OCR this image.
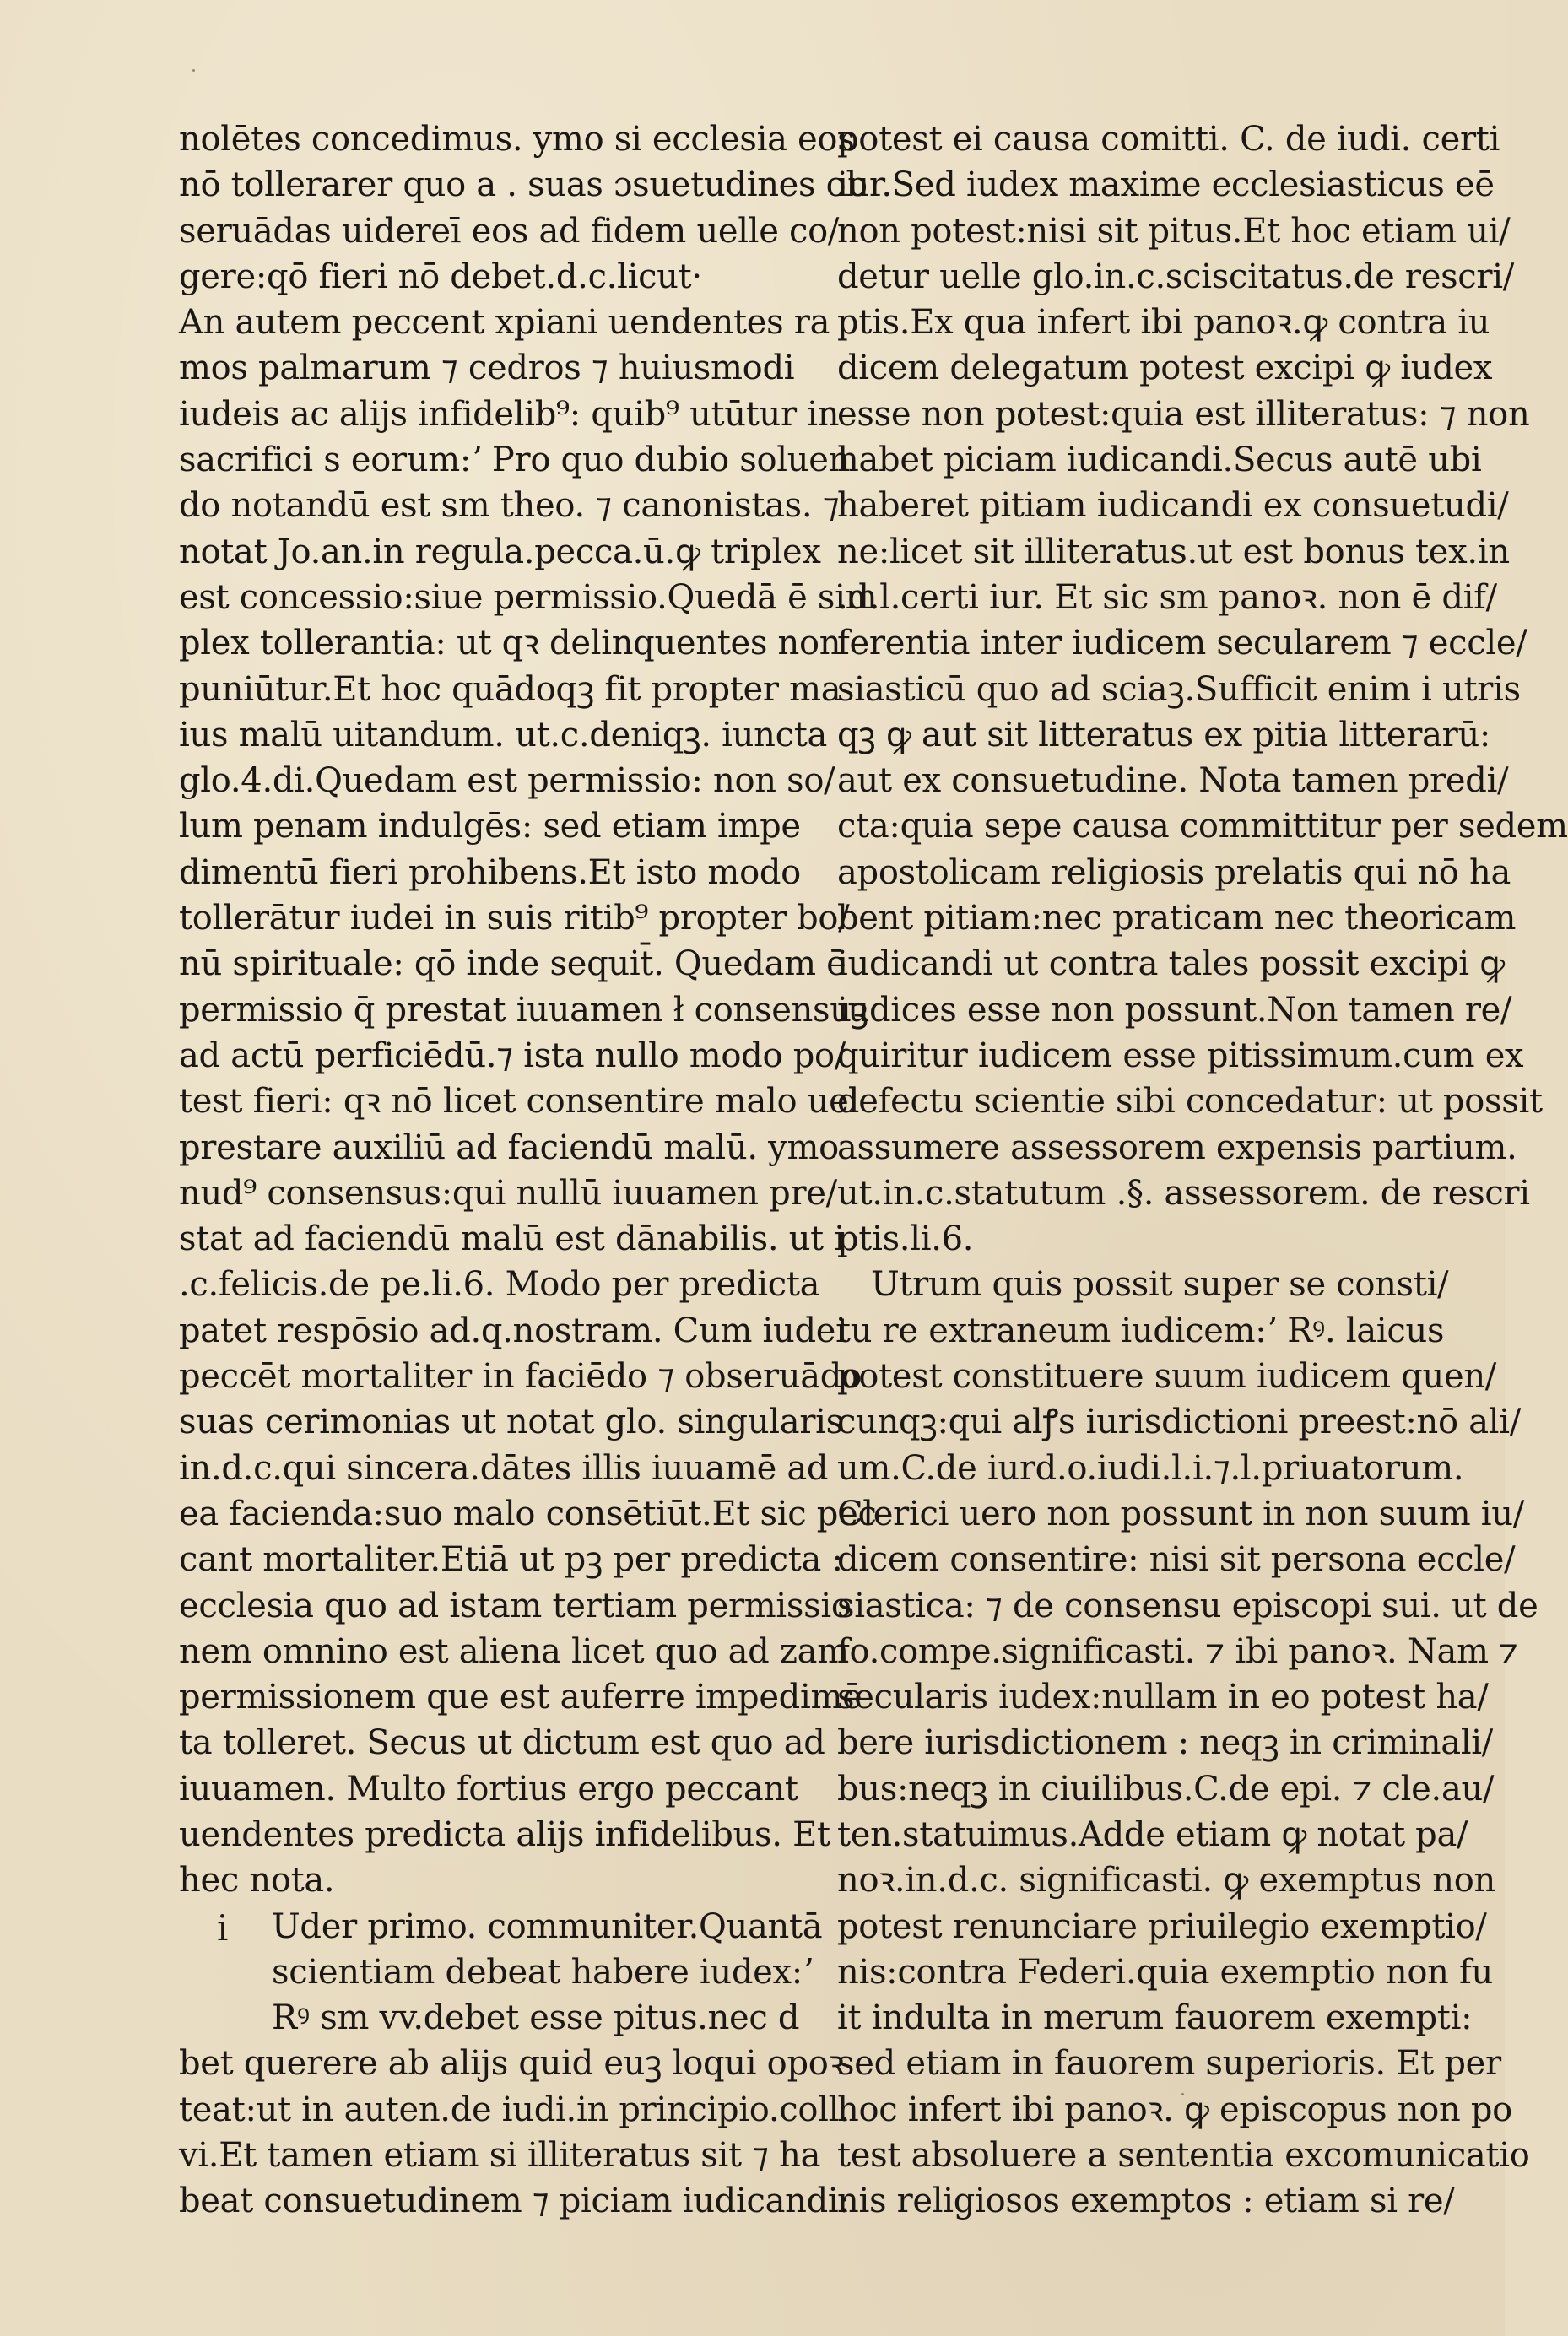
nolētes concedimus. ymo si ecclesia eos
nō tollerarer quo a . suas ɔsuetudines ob
seruādas uidereī eos ad fidem uelle co/
gere:qō fieri nō debet.d.c.licut·
An autem peccent xpiani uendentes ra
mos palmarum ⁊ cedros ⁊ huiusmodi
iudeis ac alijs infidelib⁹: quib⁹ utūtur in
sacrifici s eorum:ʼ Pro quo dubio soluen
do notandū est sm theo. ⁊ canonistas. ⁊
notat Jo.an.in regula.pecca.ū.ꝙ triplex
est concessio:siue permissio.Quedā ē sim
plex tollerantia: ut qꝛ delinquentes non
puniūtur.Et hoc quādoqꝫ fit propter ma
ius malū uitandum. ut.c.deniqꝫ. iuncta
glo.4.di.Quedam est permissio: non so/
lum penam indulgēs: sed etiam impe
dimentū fieri prohibens.Et isto modo
tollerātur iudei in suis ritib⁹ propter bo/
nū spirituale: qō inde sequit̄. Quedam ē
permissio q̄ prestat iuuamen ł consensuꝫ
ad actū perficiēdū.⁊ ista nullo modo po/
test fieri: qꝛ nō licet consentire malo uel
prestare auxiliū ad faciendū malū. ymo
nud⁹ consensus:qui nullū iuuamen pre/
stat ad faciendū malū est dānabilis. ut i
.c.felicis.de pe.li.6. Modo per predicta
patet respōsio ad.q.nostram. Cum iudei
peccēt mortaliter in faciēdo ⁊ obseruādo
suas cerimonias ut notat glo. singularis
in.d.c.qui sincera.dātes illis iuuamē ad
ea facienda:suo malo consētiūt.Et sic pec
cant mortaliter.Etiā ut pꝫ per predicta :
ecclesia quo ad istam tertiam permissio
nem omnino est aliena licet quo ad zam
permissionem que est auferre impedimē
ta tolleret. Secus ut dictum est quo ad
iuuamen. Multo fortius ergo peccant
uendentes predicta alijs infidelibus. Et
hec nota.
Uder primo. communiter.Quantā
scientiam debeat habere iudex:ʼ
Rꝰ sm vv.debet esse pitus.nec d
bet querere ab alijs quid euꝫ loqui opoꝛ
teat:ut in auten.de iudi.in principio.coll.
vi.Et tamen etiam si illiteratus sit ⁊ ha
beat consuetudinem ⁊ piciam iudicandi:
i
potest ei causa comitti. C. de iudi. certi
iur.Sed iudex maxime ecclesiasticus eē
non potest:nisi sit pitus.Et hoc etiam ui/
detur uelle glo.in.c.sciscitatus.de rescri/
ptis.Ex qua infert ibi panoꝛ.ꝙ contra iu
dicem delegatum potest excipi ꝙ iudex
esse non potest:quia est illiteratus: ⁊ non
habet piciam iudicandi.Secus autē ubi
haberet pitiam iudicandi ex consuetudi/
ne:licet sit illiteratus.ut est bonus tex.in
.d.l.certi iur. Et sic sm panoꝛ. non ē dif/
ferentia inter iudicem secularem ⁊ eccle/
siasticū quo ad sciaꝫ.Sufficit enim i utris
qꝫ ꝙ aut sit litteratus ex pitia litterarū:
aut ex consuetudine. Nota tamen predi/
cta:quia sepe causa committitur per sedem
apostolicam religiosis prelatis qui nō ha
bent pitiam:nec praticam nec theoricam
iudicandi ut contra tales possit excipi ꝙ
iudices esse non possunt.Non tamen re/
quiritur iudicem esse pitissimum.cum ex
defectu scientie sibi concedatur: ut possit
assumere assessorem expensis partium.
ut.in.c.statutum .§. assessorem. de rescri
ptis.li.6.
Utrum quis possit super se consti/
tu re extraneum iudicem:ʼ Rꝰ. laicus
potest constituere suum iudicem quen/
cunqꝫ:qui alꝭs iurisdictioni preest:nō ali/
um.C.de iurd.o.iudi.l.i.⁊.l.priuatorum.
Clerici uero non possunt in non suum iu/
dicem consentire: nisi sit persona eccle/
siastica: ⁊ de consensu episcopi sui. ut de
fo.compe.significasti. ⁊ ibi panoꝛ. Nam ⁊
secularis iudex:nullam in eo potest ha/
bere iurisdictionem : neqꝫ in criminali/
bus:neqꝫ in ciuilibus.C.de epi. ⁊ cle.au/
ten.statuimus.Adde etiam ꝙ notat pa/
noꝛ.in.d.c. significasti. ꝙ exemptus non
potest renunciare priuilegio exemptio/
nis:contra Federi.quia exemptio non fu
it indulta in merum fauorem exempti:
sed etiam in fauorem superioris. Et per
hoc infert ibi panoꝛ. ꝙ episcopus non po
test absoluere a sententia excomunicatio
nis religiosos exemptos : etiam si re/
